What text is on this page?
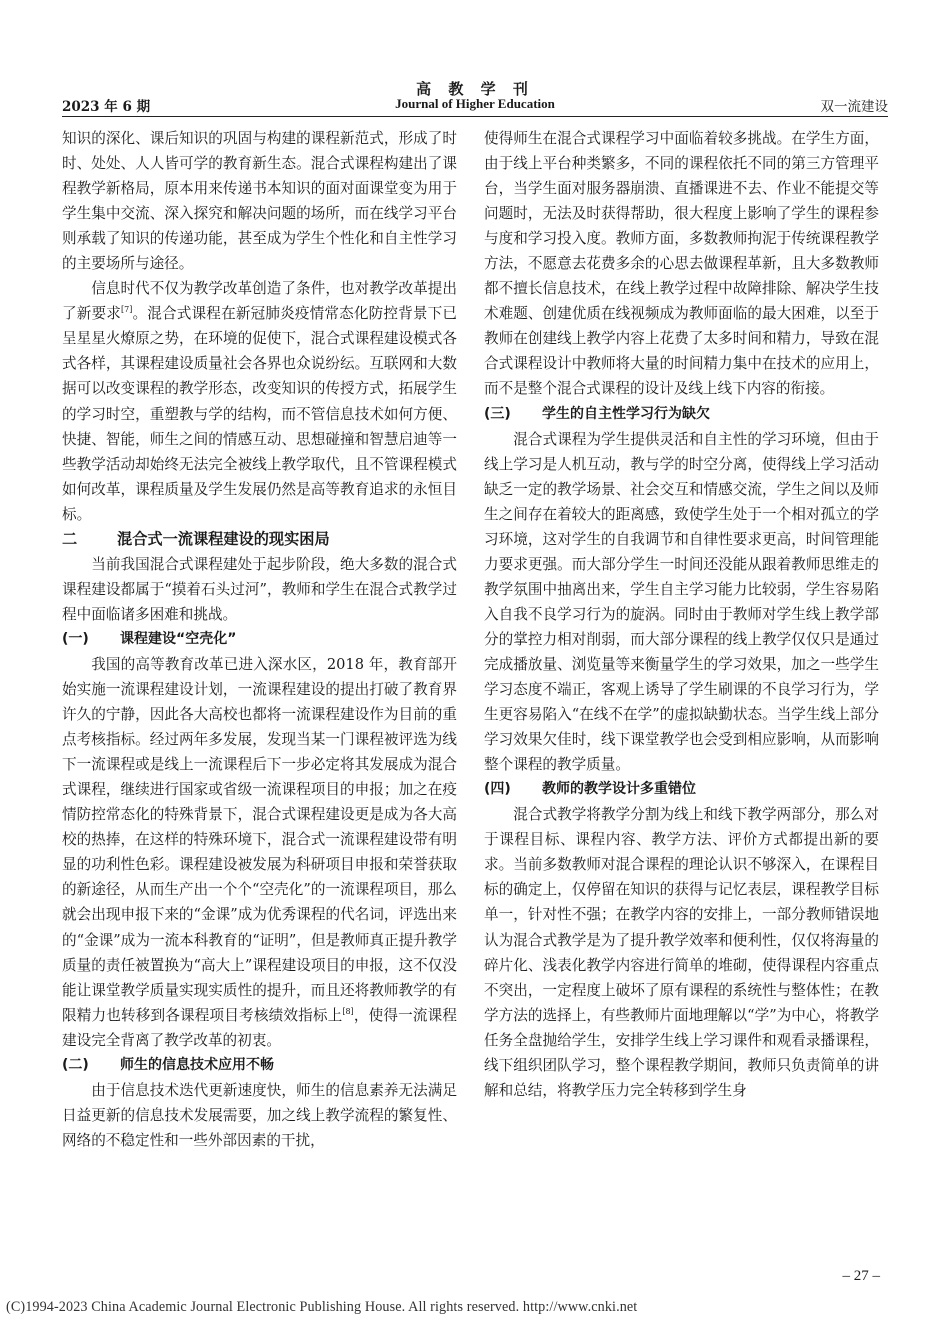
高 教 学 刊
Journal of Higher Education
2023 年 6 期	双一流建设

知识的深化、课后知识的巩固与构建的课程新范式，形成了时时、处处、人人皆可学的教育新生态。混合式课程构建出了课程教学新格局，原本用来传递书本知识的面对面课堂变为用于学生集中交流、深入探究和解决问题的场所，而在线学习平台则承载了知识的传递功能，甚至成为学生个性化和自主性学习的主要场所与途径。

信息时代不仅为教学改革创造了条件，也对教学改革提出了新要求[7]。混合式课程在新冠肺炎疫情常态化防控背景下已呈星星火燎原之势，在环境的促使下，混合式课程建设模式各式各样，其课程建设质量社会各界也众说纷纭。互联网和大数据可以改变课程的教学形态，改变知识的传授方式，拓展学生的学习时空，重塑教与学的结构，而不管信息技术如何方便、快捷、智能，师生之间的情感互动、思想碰撞和智慧启迪等一些教学活动却始终无法完全被线上教学取代，且不管课程模式如何改革，课程质量及学生发展仍然是高等教育追求的永恒目标。

二	混合式一流课程建设的现实困局

当前我国混合式课程建处于起步阶段，绝大多数的混合式课程建设都属于“摸着石头过河”，教师和学生在混合式教学过程中面临诸多困难和挑战。

(一) 课程建设“空壳化”

我国的高等教育改革已进入深水区，2018 年，教育部开始实施一流课程建设计划，一流课程建设的提出打破了教育界许久的宁静，因此各大高校也都将一流课程建设作为目前的重点考核指标。经过两年多发展，发现当某一门课程被评选为线下一流课程或是线上一流课程后下一步必定将其发展成为混合式课程，继续进行国家或省级一流课程项目的申报；加之在疫情防控常态化的特殊背景下，混合式课程建设更是成为各大高校的热捧，在这样的特殊环境下，混合式一流课程建设带有明显的功利性色彩。课程建设被发展为科研项目申报和荣誉获取的新途径，从而生产出一个个“空壳化”的一流课程项目，那么就会出现申报下来的“金课”成为优秀课程的代名词，评选出来的“金课”成为一流本科教育的“证明”，但是教师真正提升教学质量的责任被置换为“高大上”课程建设项目的申报，这不仅没能让课堂教学质量实现实质性的提升，而且还将教师教学的有限精力也转移到各课程项目考核绩效指标上[8]，使得一流课程建设完全背离了教学改革的初衷。

(二) 师生的信息技术应用不畅

由于信息技术迭代更新速度快，师生的信息素养无法满足日益更新的信息技术发展需要，加之线上教学流程的繁复性、网络的不稳定性和一些外部因素的干扰，

使得师生在混合式课程学习中面临着较多挑战。在学生方面，由于线上平台种类繁多，不同的课程依托不同的第三方管理平台，当学生面对服务器崩溃、直播课进不去、作业不能提交等问题时，无法及时获得帮助，很大程度上影响了学生的课程参与度和学习投入度。教师方面，多数教师拘泥于传统课程教学方法，不愿意去花费多余的心思去做课程革新，且大多数教师都不擅长信息技术，在线上教学过程中故障排除、解决学生技术难题、创建优质在线视频成为教师面临的最大困难，以至于教师在创建线上教学内容上花费了太多时间和精力，导致在混合式课程设计中教师将大量的时间精力集中在技术的应用上，而不是整个混合式课程的设计及线上线下内容的衔接。

(三) 学生的自主性学习行为缺欠

混合式课程为学生提供灵活和自主性的学习环境，但由于线上学习是人机互动，教与学的时空分离，使得线上学习活动缺乏一定的教学场景、社会交互和情感交流，学生之间以及师生之间存在着较大的距离感，致使学生处于一个相对孤立的学习环境，这对学生的自我调节和自律性要求更高，时间管理能力要求更强。而大部分学生一时间还没能从跟着教师思维走的教学氛围中抽离出来，学生自主学习能力比较弱，学生容易陷入自我不良学习行为的旋涡。同时由于教师对学生线上教学部分的掌控力相对削弱，而大部分课程的线上教学仅仅只是通过完成播放量、浏览量等来衡量学生的学习效果，加之一些学生学习态度不端正，客观上诱导了学生刷课的不良学习行为，学生更容易陷入“在线不在学”的虚拟缺勤状态。当学生线上部分学习效果欠佳时，线下课堂教学也会受到相应影响，从而影响整个课程的教学质量。

(四) 教师的教学设计多重错位

混合式教学将教学分割为线上和线下教学两部分，那么对于课程目标、课程内容、教学方法、评价方式都提出新的要求。当前多数教师对混合课程的理论认识不够深入，在课程目标的确定上，仅停留在知识的获得与记忆表层，课程教学目标单一，针对性不强；在教学内容的安排上，一部分教师错误地认为混合式教学是为了提升教学效率和便利性，仅仅将海量的碎片化、浅表化教学内容进行简单的堆砌，使得课程内容重点不突出，一定程度上破坏了原有课程的系统性与整体性；在教学方法的选择上，有些教师片面地理解以“学”为中心，将教学任务全盘抛给学生，安排学生线上学习课件和观看录播课程，线下组织团队学习，整个课程教学期间，教师只负责简单的讲解和总结，将教学压力完全转移到学生身

– 27 –
(C)1994-2023 China Academic Journal Electronic Publishing House. All rights reserved. http://www.cnki.net
